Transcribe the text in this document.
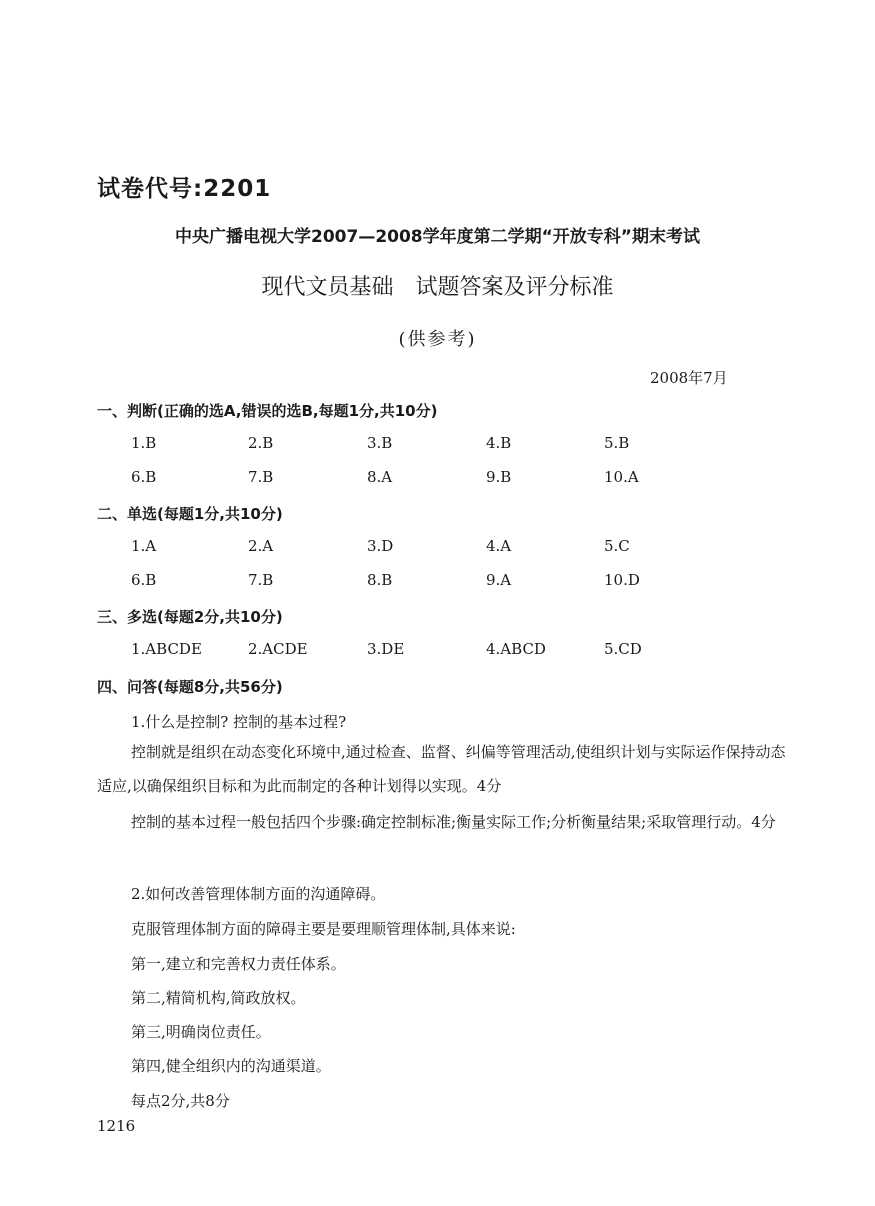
试卷代号:2201
中央广播电视大学2007—2008学年度第二学期“开放专科”期末考试
现代文员基础　试题答案及评分标准
(供参考)
2008年7月
一、判断(正确的选A,错误的选B,每题1分,共10分)
1.B	2.B	3.B	4.B	5.B
6.B	7.B	8.A	9.B	10.A
二、单选(每题1分,共10分)
1.A	2.A	3.D	4.A	5.C
6.B	7.B	8.B	9.A	10.D
三、多选(每题2分,共10分)
1.ABCDE	2.ACDE	3.DE	4.ABCD	5.CD
四、问答(每题8分,共56分)
1.什么是控制? 控制的基本过程?
控制就是组织在动态变化环境中,通过检查、监督、纠偏等管理活动,使组织计划与实际运作保持动态适应,以确保组织目标和为此而制定的各种计划得以实现。4分
控制的基本过程一般包括四个步骤:确定控制标准;衡量实际工作;分析衡量结果;采取管理行动。4分
2.如何改善管理体制方面的沟通障碍。
克服管理体制方面的障碍主要是要理顺管理体制,具体来说:
第一,建立和完善权力责任体系。
第二,精简机构,简政放权。
第三,明确岗位责任。
第四,健全组织内的沟通渠道。
每点2分,共8分
1216
